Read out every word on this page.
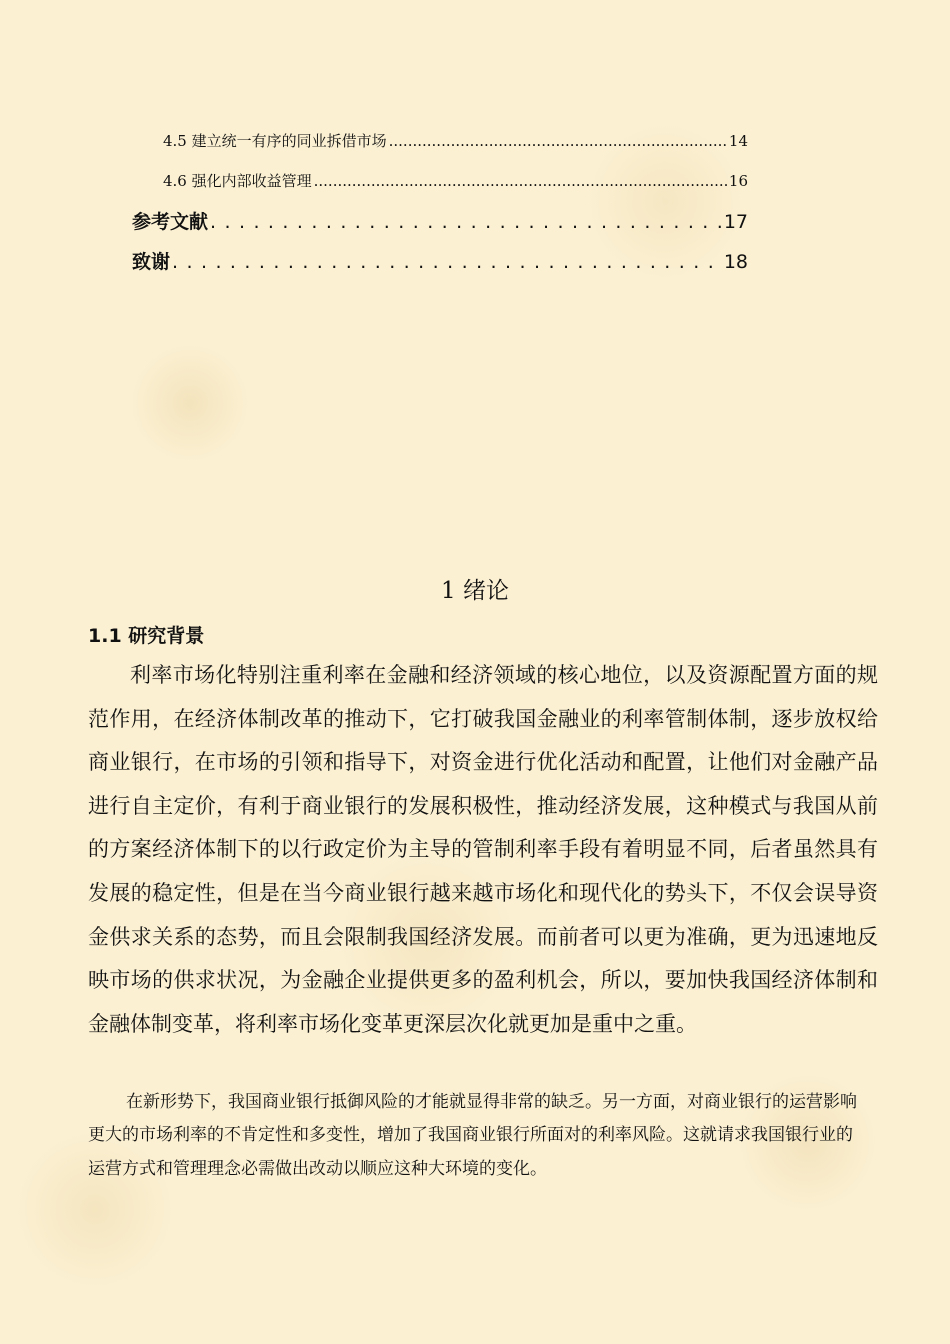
4.5 建立统一有序的同业拆借市场 .....	14
4.6 强化内部收益管理 .....	16
参考文献 . . .	17
致谢 . . .	18
1 绪论
1.1 研究背景

利率市场化特别注重利率在金融和经济领域的核心地位，以及资源配置方面的规范作用，在经济体制改革的推动下，它打破我国金融业的利率管制体制，逐步放权给商业银行，在市场的引领和指导下，对资金进行优化活动和配置，让他们对金融产品进行自主定价，有利于商业银行的发展积极性，推动经济发展，这种模式与我国从前的方案经济体制下的以行政定价为主导的管制利率手段有着明显不同，后者虽然具有发展的稳定性，但是在当今商业银行越来越市场化和现代化的势头下，不仅会误导资金供求关系的态势，而且会限制我国经济发展。而前者可以更为准确，更为迅速地反映市场的供求状况，为金融企业提供更多的盈利机会，所以，要加快我国经济体制和金融体制变革，将利率市场化变革更深层次化就更加是重中之重。

在新形势下，我国商业银行抵御风险的才能就显得非常的缺乏。另一方面，对商业银行的运营影响更大的市场利率的不肯定性和多变性，增加了我国商业银行所面对的利率风险。这就请求我国银行业的运营方式和管理理念必需做出改动以顺应这种大环境的变化。
